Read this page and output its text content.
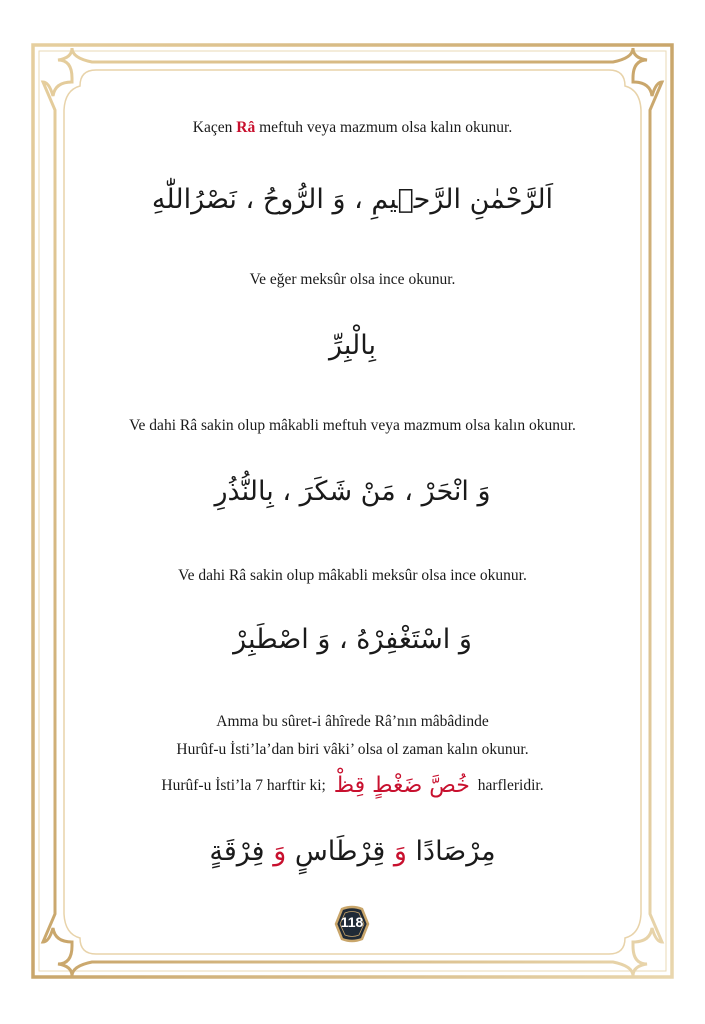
Kaçen Râ meftuh veya mazmum olsa kalın okunur.
اَلرَّحْمٰنِ الرَّح۪يمِ ، وَ الرُّوحُ ، نَصْرُاللّٰهِ
Ve eğer meksûr olsa ince okunur.
بِالْبِرِّ
Ve dahi Râ sakin olup mâkabli meftuh veya mazmum olsa kalın okunur.
وَ انْحَرْ ، مَنْ شَكَرَ ، بِالنُّذُرِ
Ve dahi Râ sakin olup mâkabli meksûr olsa ince okunur.
وَ اسْتَغْفِرْهُ ، وَ اصْطَبِرْ
Amma bu sûret-i âhîrede Râ’nın mâbâdinde
Hurûf-u İsti’la’dan biri vâki’ olsa ol zaman kalın okunur.
Hurûf-u İsti’la 7 harftir ki; خُصَّ ضَغْطٍ قِظْ harfleridir.
مِرْصَادًا وَ قِرْطَاسٍ وَ فِرْقَةٍ
118
